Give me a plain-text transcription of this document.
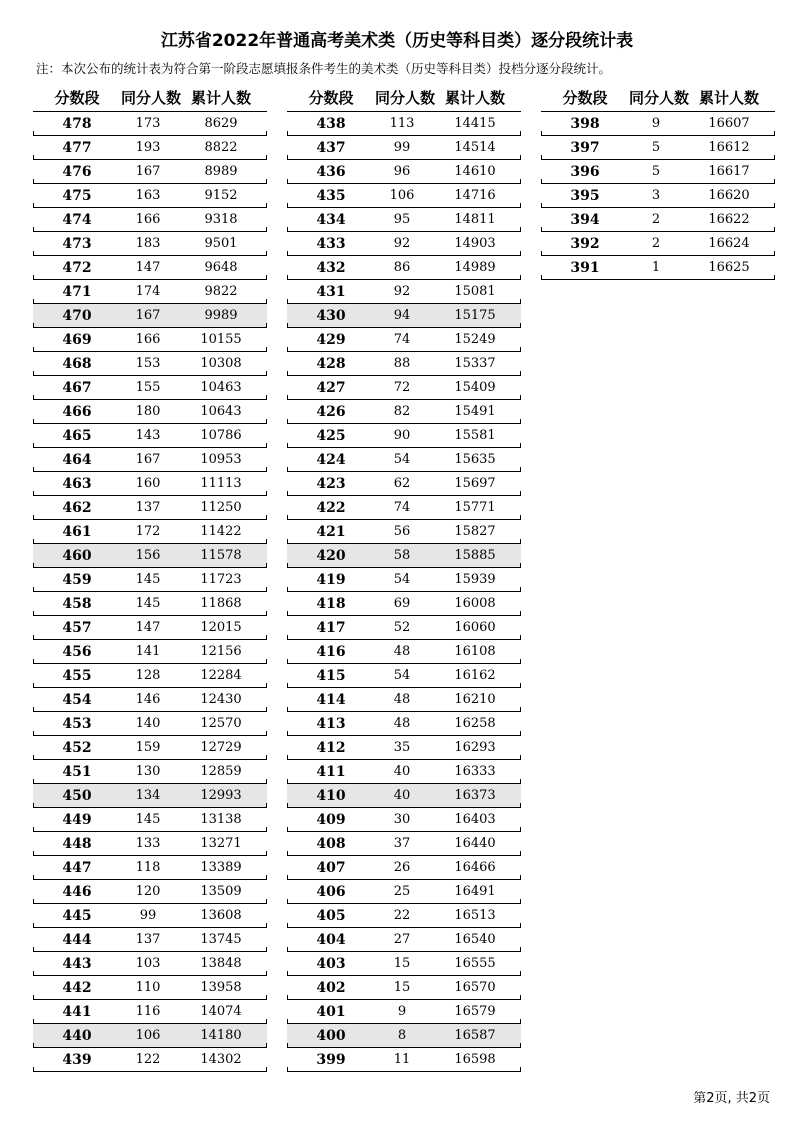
江苏省2022年普通高考美术类（历史等科目类）逐分段统计表
注：本次公布的统计表为符合第一阶段志愿填报条件考生的美术类（历史等科目类）投档分逐分段统计。
分数段	同分人数 累计人数
478	173	8629
477	193	8822
476	167	8989
475	163	9152
474	166	9318
473	183	9501
472	147	9648
471	174	9822
470	167	9989
469	166	10155
468	153	10308
467	155	10463
466	180	10643
465	143	10786
464	167	10953
463	160	11113
462	137	11250
461	172	11422
460	156	11578
459	145	11723
458	145	11868
457	147	12015
456	141	12156
455	128	12284
454	146	12430
453	140	12570
452	159	12729
451	130	12859
450	134	12993
449	145	13138
448	133	13271
447	118	13389
446	120	13509
445	99	13608
444	137	13745
443	103	13848
442	110	13958
441	116	14074
440	106	14180
439	122	14302
分数段	同分人数 累计人数
438	113	14415
437	99	14514
436	96	14610
435	106	14716
434	95	14811
433	92	14903
432	86	14989
431	92	15081
430	94	15175
429	74	15249
428	88	15337
427	72	15409
426	82	15491
425	90	15581
424	54	15635
423	62	15697
422	74	15771
421	56	15827
420	58	15885
419	54	15939
418	69	16008
417	52	16060
416	48	16108
415	54	16162
414	48	16210
413	48	16258
412	35	16293
411	40	16333
410	40	16373
409	30	16403
408	37	16440
407	26	16466
406	25	16491
405	22	16513
404	27	16540
403	15	16555
402	15	16570
401	9	16579
400	8	16587
399	11	16598
分数段	同分人数 累计人数
398	9	16607
397	5	16612
396	5	16617
395	3	16620
394	2	16622
392	2	16624
391	1	16625
第2页, 共2页
